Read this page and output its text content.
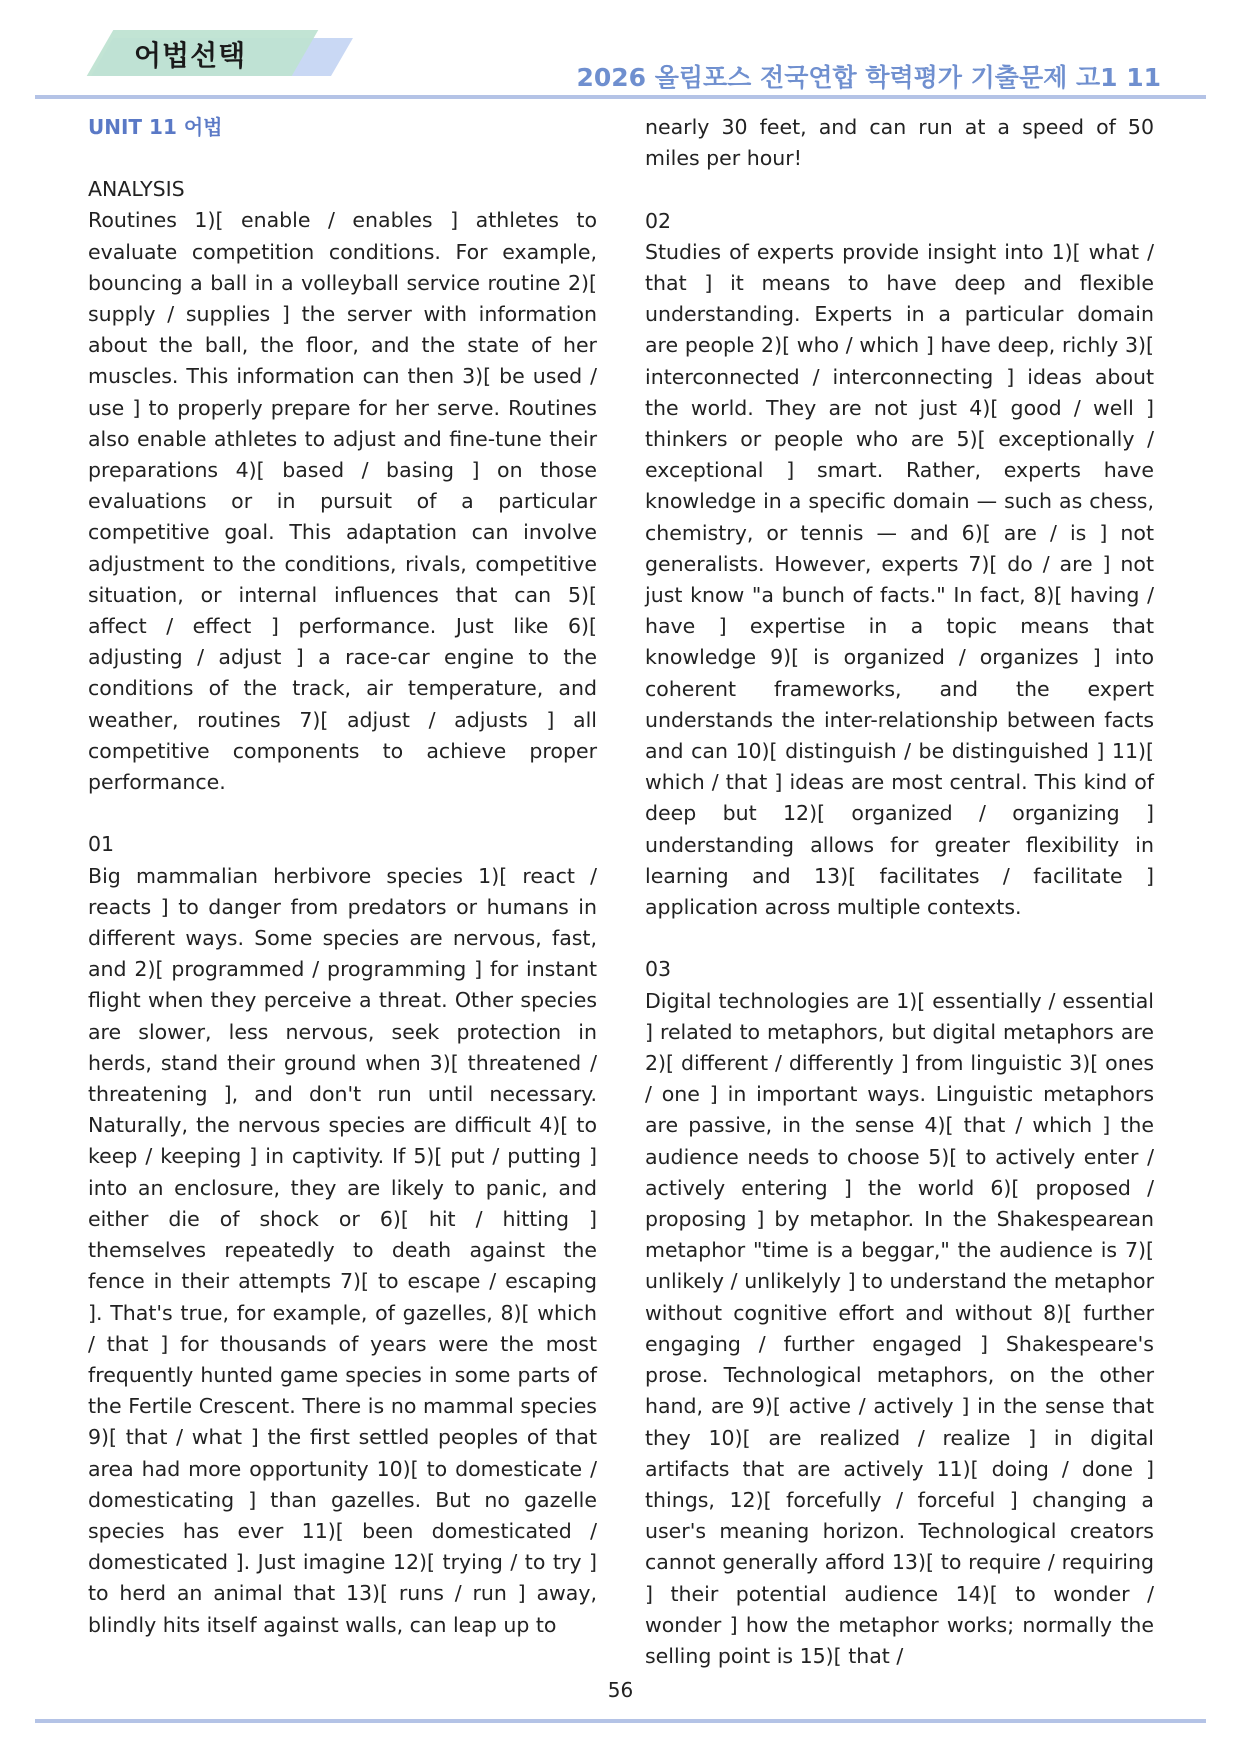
어법선택
2026 올림포스 전국연합 학력평가 기출문제 고1 11
UNIT 11 어법
ANALYSIS

Routines 1)[ enable / enables ] athletes to evaluate competition conditions. For example, bouncing a ball in a volleyball service routine 2)[ supply / supplies ] the server with information about the ball, the floor, and the state of her muscles. This information can then 3)[ be used / use ] to properly prepare for her serve. Routines also enable athletes to adjust and fine-tune their preparations 4)[ based / basing ] on those evaluations or in pursuit of a particular competitive goal. This adaptation can involve adjustment to the conditions, rivals, competitive situation, or internal influences that can 5)[ affect / effect ] performance. Just like 6)[ adjusting / adjust ] a race-car engine to the conditions of the track, air temperature, and weather, routines 7)[ adjust / adjusts ] all competitive components to achieve proper performance.

01

Big mammalian herbivore species 1)[ react / reacts ] to danger from predators or humans in different ways. Some species are nervous, fast, and 2)[ programmed / programming ] for instant flight when they perceive a threat. Other species are slower, less nervous, seek protection in herds, stand their ground when 3)[ threatened / threatening ], and don't run until necessary. Naturally, the nervous species are difficult 4)[ to keep / keeping ] in captivity. If 5)[ put / putting ] into an enclosure, they are likely to panic, and either die of shock or 6)[ hit / hitting ] themselves repeatedly to death against the fence in their attempts 7)[ to escape / escaping ]. That's true, for example, of gazelles, 8)[ which / that ] for thousands of years were the most frequently hunted game species in some parts of the Fertile Crescent. There is no mammal species 9)[ that / what ] the first settled peoples of that area had more opportunity 10)[ to domesticate / domesticating ] than gazelles. But no gazelle species has ever 11)[ been domesticated / domesticated ]. Just imagine 12)[ trying / to try ] to herd an animal that 13)[ runs / run ] away, blindly hits itself against walls, can leap up to

nearly 30 feet, and can run at a speed of 50 miles per hour!

02

Studies of experts provide insight into 1)[ what / that ] it means to have deep and flexible understanding. Experts in a particular domain are people 2)[ who / which ] have deep, richly 3)[ interconnected / interconnecting ] ideas about the world. They are not just 4)[ good / well ] thinkers or people who are 5)[ exceptionally / exceptional ] smart. Rather, experts have knowledge in a specific domain — such as chess, chemistry, or tennis — and 6)[ are / is ] not generalists. However, experts 7)[ do / are ] not just know "a bunch of facts." In fact, 8)[ having / have ] expertise in a topic means that knowledge 9)[ is organized / organizes ] into coherent frameworks, and the expert understands the inter-relationship between facts and can 10)[ distinguish / be distinguished ] 11)[ which / that ] ideas are most central. This kind of deep but 12)[ organized / organizing ] understanding allows for greater flexibility in learning and 13)[ facilitates / facilitate ] application across multiple contexts.

03

Digital technologies are 1)[ essentially / essential ] related to metaphors, but digital metaphors are 2)[ different / differently ] from linguistic 3)[ ones / one ] in important ways. Linguistic metaphors are passive, in the sense 4)[ that / which ] the audience needs to choose 5)[ to actively enter / actively entering ] the world 6)[ proposed / proposing ] by metaphor. In the Shakespearean metaphor "time is a beggar," the audience is 7)[ unlikely / unlikelyly ] to understand the metaphor without cognitive effort and without 8)[ further engaging / further engaged ] Shakespeare's prose. Technological metaphors, on the other hand, are 9)[ active / actively ] in the sense that they 10)[ are realized / realize ] in digital artifacts that are actively 11)[ doing / done ] things, 12)[ forcefully / forceful ] changing a user's meaning horizon. Technological creators cannot generally afford 13)[ to require / requiring ] their potential audience 14)[ to wonder / wonder ] how the metaphor works; normally the selling point is 15)[ that /

56
